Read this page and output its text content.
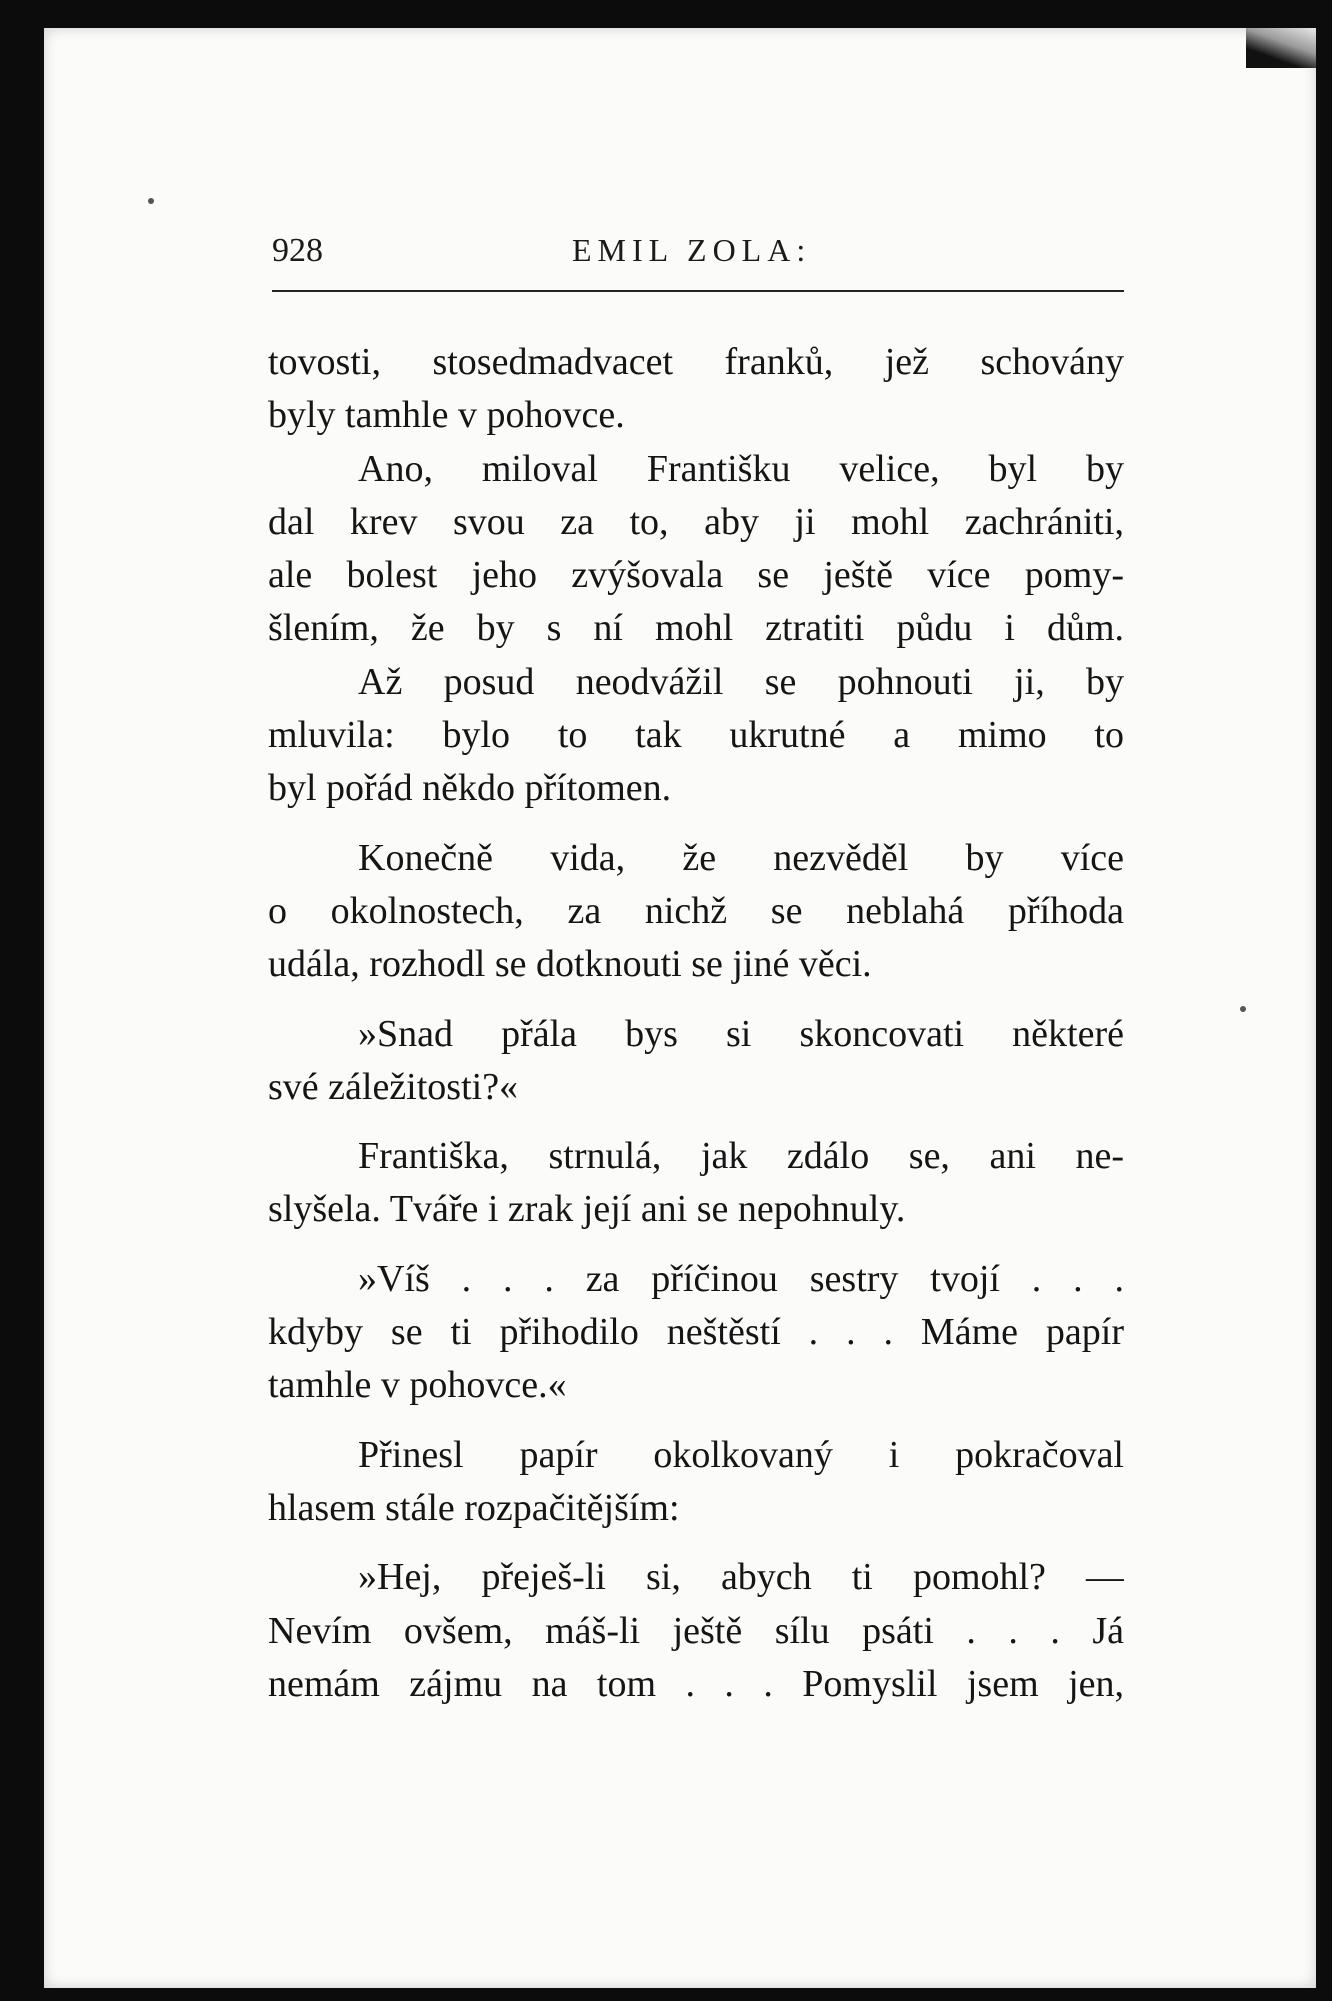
928	EMIL ZOLA:
tovosti, stosedmadvacet franků, jež schovány
byly tamhle v pohovce.
Ano, miloval Františku velice, byl by
dal krev svou za to, aby ji mohl zachrániti,
ale bolest jeho zvýšovala se ještě více pomy-
šlením, že by s ní mohl ztratiti půdu i dům.
Až posud neodvážil se pohnouti ji, by
mluvila: bylo to tak ukrutné a mimo to
byl pořád někdo přítomen.
Konečně vida, že nezvěděl by více
o okolnostech, za nichž se neblahá příhoda
udála, rozhodl se dotknouti se jiné věci.
»Snad přála bys si skoncovati některé
své záležitosti?«
Františka, strnulá, jak zdálo se, ani ne-
slyšela. Tváře i zrak její ani se nepohnuly.
»Víš . . . za příčinou sestry tvojí . . .
kdyby se ti přihodilo neštěstí . . . Máme papír
tamhle v pohovce.«
Přinesl papír okolkovaný i pokračoval
hlasem stále rozpačitějším:
»Hej, přeješ-li si, abych ti pomohl? —
Nevím ovšem, máš-li ještě sílu psáti . . . Já
nemám zájmu na tom . . . Pomyslil jsem jen,
